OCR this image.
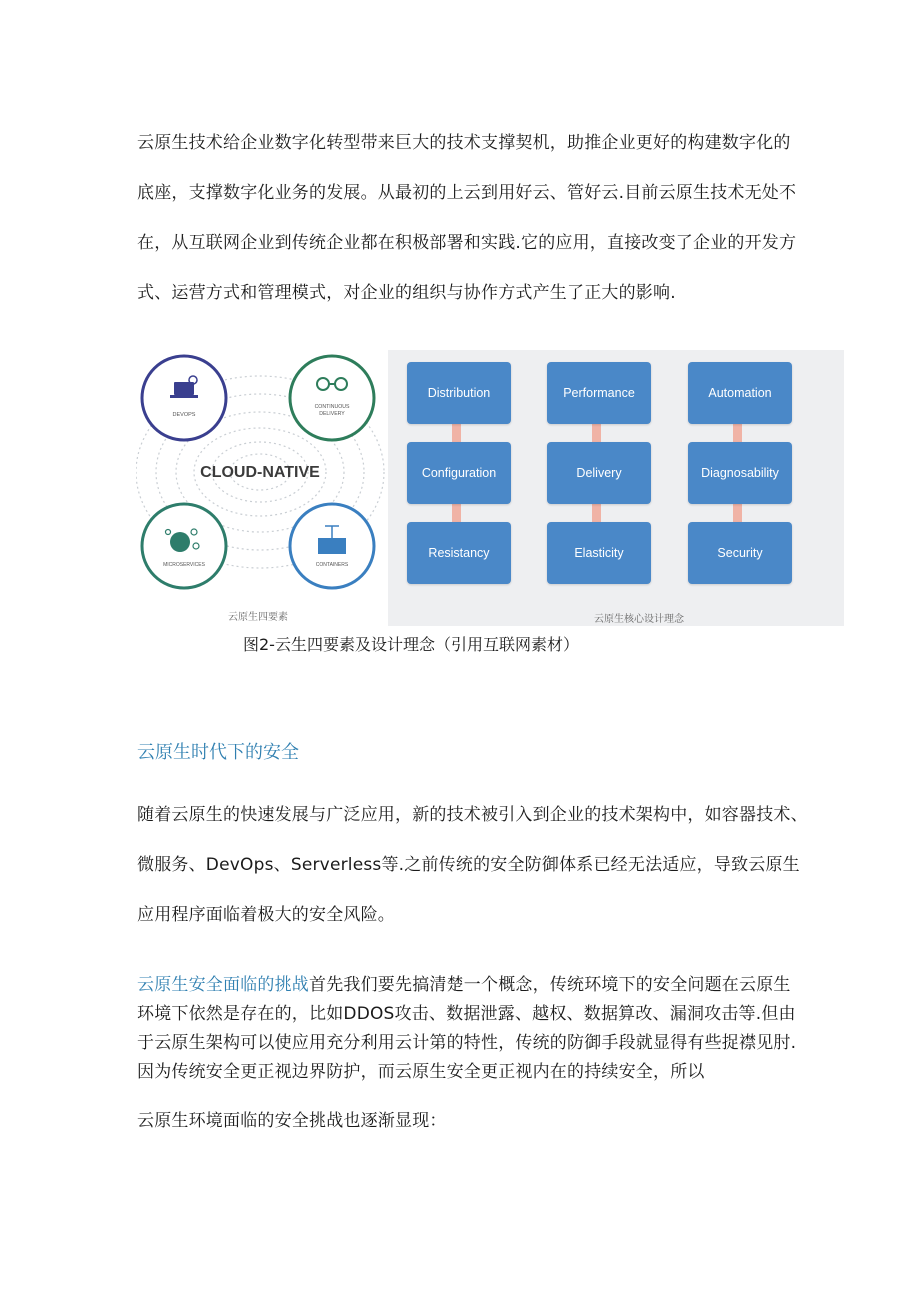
云原生技术给企业数字化转型带来巨大的技术支撑契机，助推企业更好的构建数字化的
底座，支撑数字化业务的发展。从最初的上云到用好云、管好云.目前云原生技术无处不
在，从互联网企业到传统企业都在积极部署和实践.它的应用，直接改变了企业的开发方
式、运营方式和管理模式，对企业的组织与协作方式产生了正大的影响.
DEVOPS
CONTINUOUS
DELIVERY
CLOUD-NATIVE
MICROSERVICES	CONTAINERS
云原生四要素
Distribution	Performance	Automation
Configuration	Delivery	Diagnosability
Resistancy	Elasticity	Security
云原生核心设计理念
图2-云生四要素及设计理念（引用互联网素材）
云原生时代下的安全
随着云原生的快速发展与广泛应用，新的技术被引入到企业的技术架构中，如容器技术、
微服务、DevOps、Serverless等.之前传统的安全防御体系已经无法适应，导致云原生
应用程序面临着极大的安全风险。
云原生安全面临的挑战首先我们要先搞清楚一个概念，传统环境下的安全问题在云原生
环境下依然是存在的，比如DDOS攻击、数据泄露、越权、数据算改、漏洞攻击等.但由
于云原生架构可以使应用充分利用云计第的特性，传统的防御手段就显得有些捉襟见肘.
因为传统安全更正视边界防护，而云原生安全更正视内在的持续安全，所以
云原生环境面临的安全挑战也逐渐显现：
